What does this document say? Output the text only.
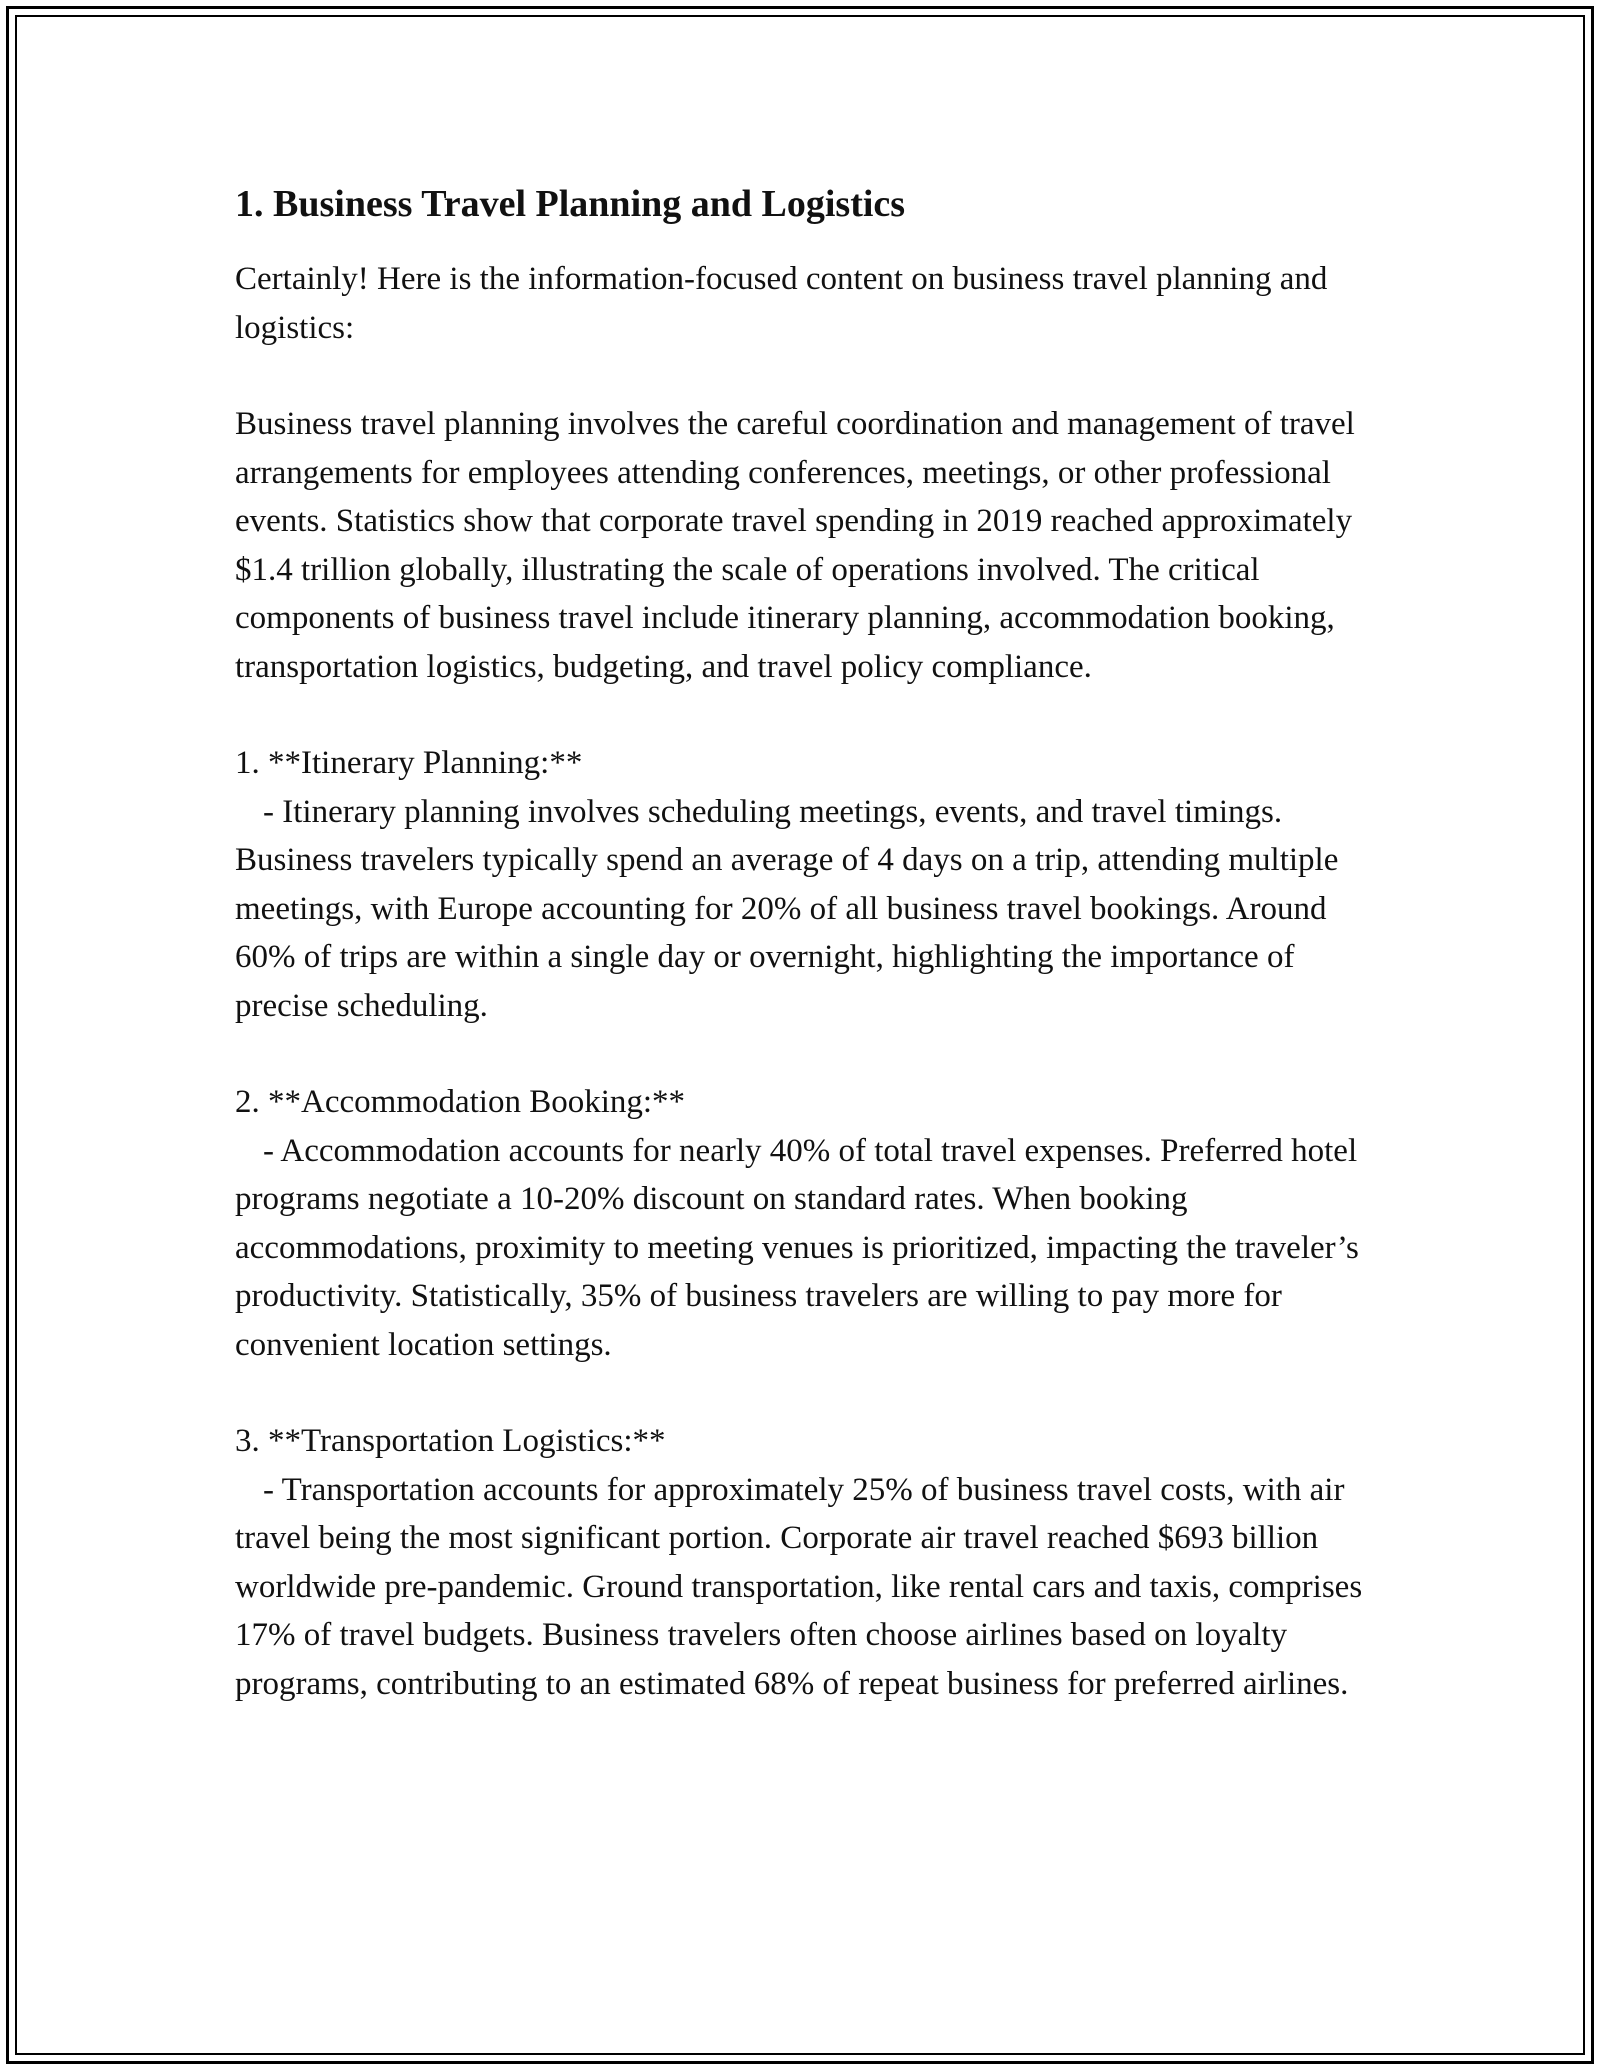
1. Business Travel Planning and Logistics

Certainly! Here is the information-focused content on business travel planning and logistics:

Business travel planning involves the careful coordination and management of travel arrangements for employees attending conferences, meetings, or other professional events. Statistics show that corporate travel spending in 2019 reached approximately $1.4 trillion globally, illustrating the scale of operations involved. The critical components of business travel include itinerary planning, accommodation booking, transportation logistics, budgeting, and travel policy compliance.

1. **Itinerary Planning:**
- Itinerary planning involves scheduling meetings, events, and travel timings. Business travelers typically spend an average of 4 days on a trip, attending multiple meetings, with Europe accounting for 20% of all business travel bookings. Around 60% of trips are within a single day or overnight, highlighting the importance of precise scheduling.
2. **Accommodation Booking:**
- Accommodation accounts for nearly 40% of total travel expenses. Preferred hotel programs negotiate a 10-20% discount on standard rates. When booking accommodations, proximity to meeting venues is prioritized, impacting the traveler’s productivity. Statistically, 35% of business travelers are willing to pay more for convenient location settings.
3. **Transportation Logistics:**
- Transportation accounts for approximately 25% of business travel costs, with air travel being the most significant portion. Corporate air travel reached $693 billion worldwide pre-pandemic. Ground transportation, like rental cars and taxis, comprises 17% of travel budgets. Business travelers often choose airlines based on loyalty programs, contributing to an estimated 68% of repeat business for preferred airlines.
